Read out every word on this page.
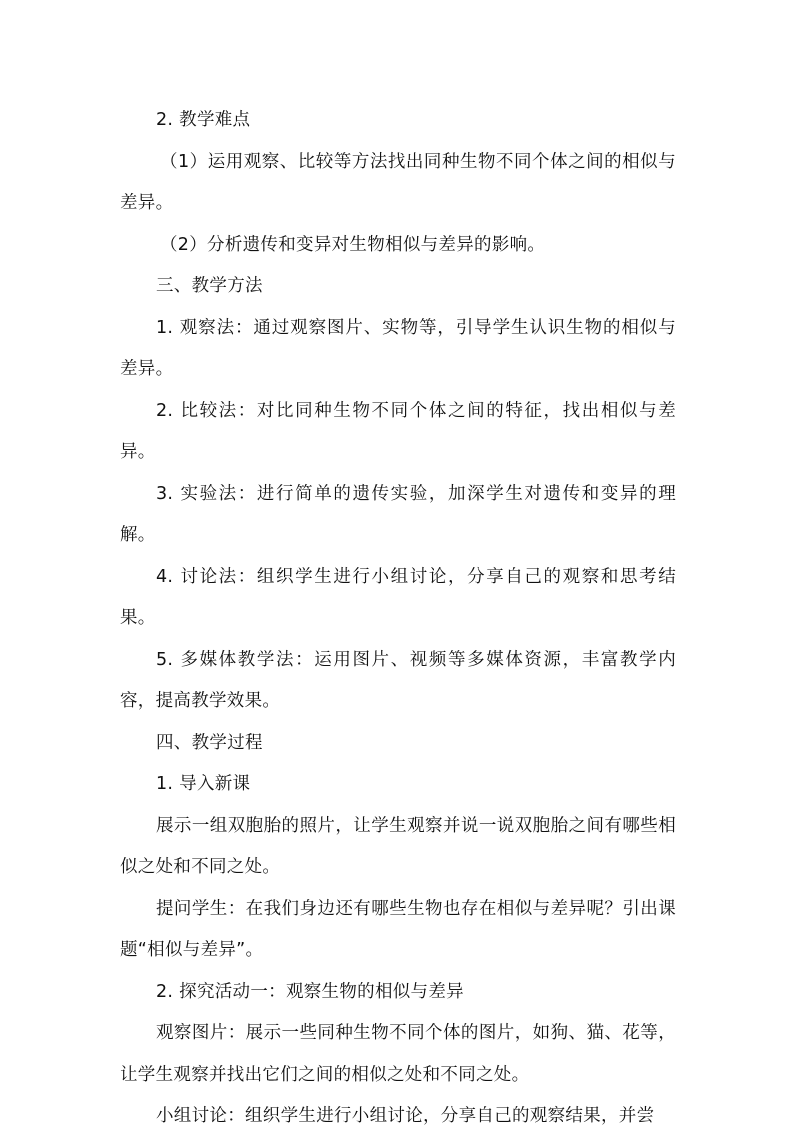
2. 教学难点

（1）运用观察、比较等方法找出同种生物不同个体之间的相似与差异。

（2）分析遗传和变异对生物相似与差异的影响。

三、教学方法

1. 观察法：通过观察图片、实物等，引导学生认识生物的相似与差异。

2. 比较法：对比同种生物不同个体之间的特征，找出相似与差异。

3. 实验法：进行简单的遗传实验，加深学生对遗传和变异的理解。

4. 讨论法：组织学生进行小组讨论，分享自己的观察和思考结果。

5. 多媒体教学法：运用图片、视频等多媒体资源，丰富教学内容，提高教学效果。

四、教学过程

1. 导入新课

展示一组双胞胎的照片，让学生观察并说一说双胞胎之间有哪些相似之处和不同之处。

提问学生：在我们身边还有哪些生物也存在相似与差异呢？引出课题“相似与差异”。

2. 探究活动一：观察生物的相似与差异

观察图片：展示一些同种生物不同个体的图片，如狗、猫、花等，让学生观察并找出它们之间的相似之处和不同之处。

小组讨论：组织学生进行小组讨论，分享自己的观察结果，并尝
